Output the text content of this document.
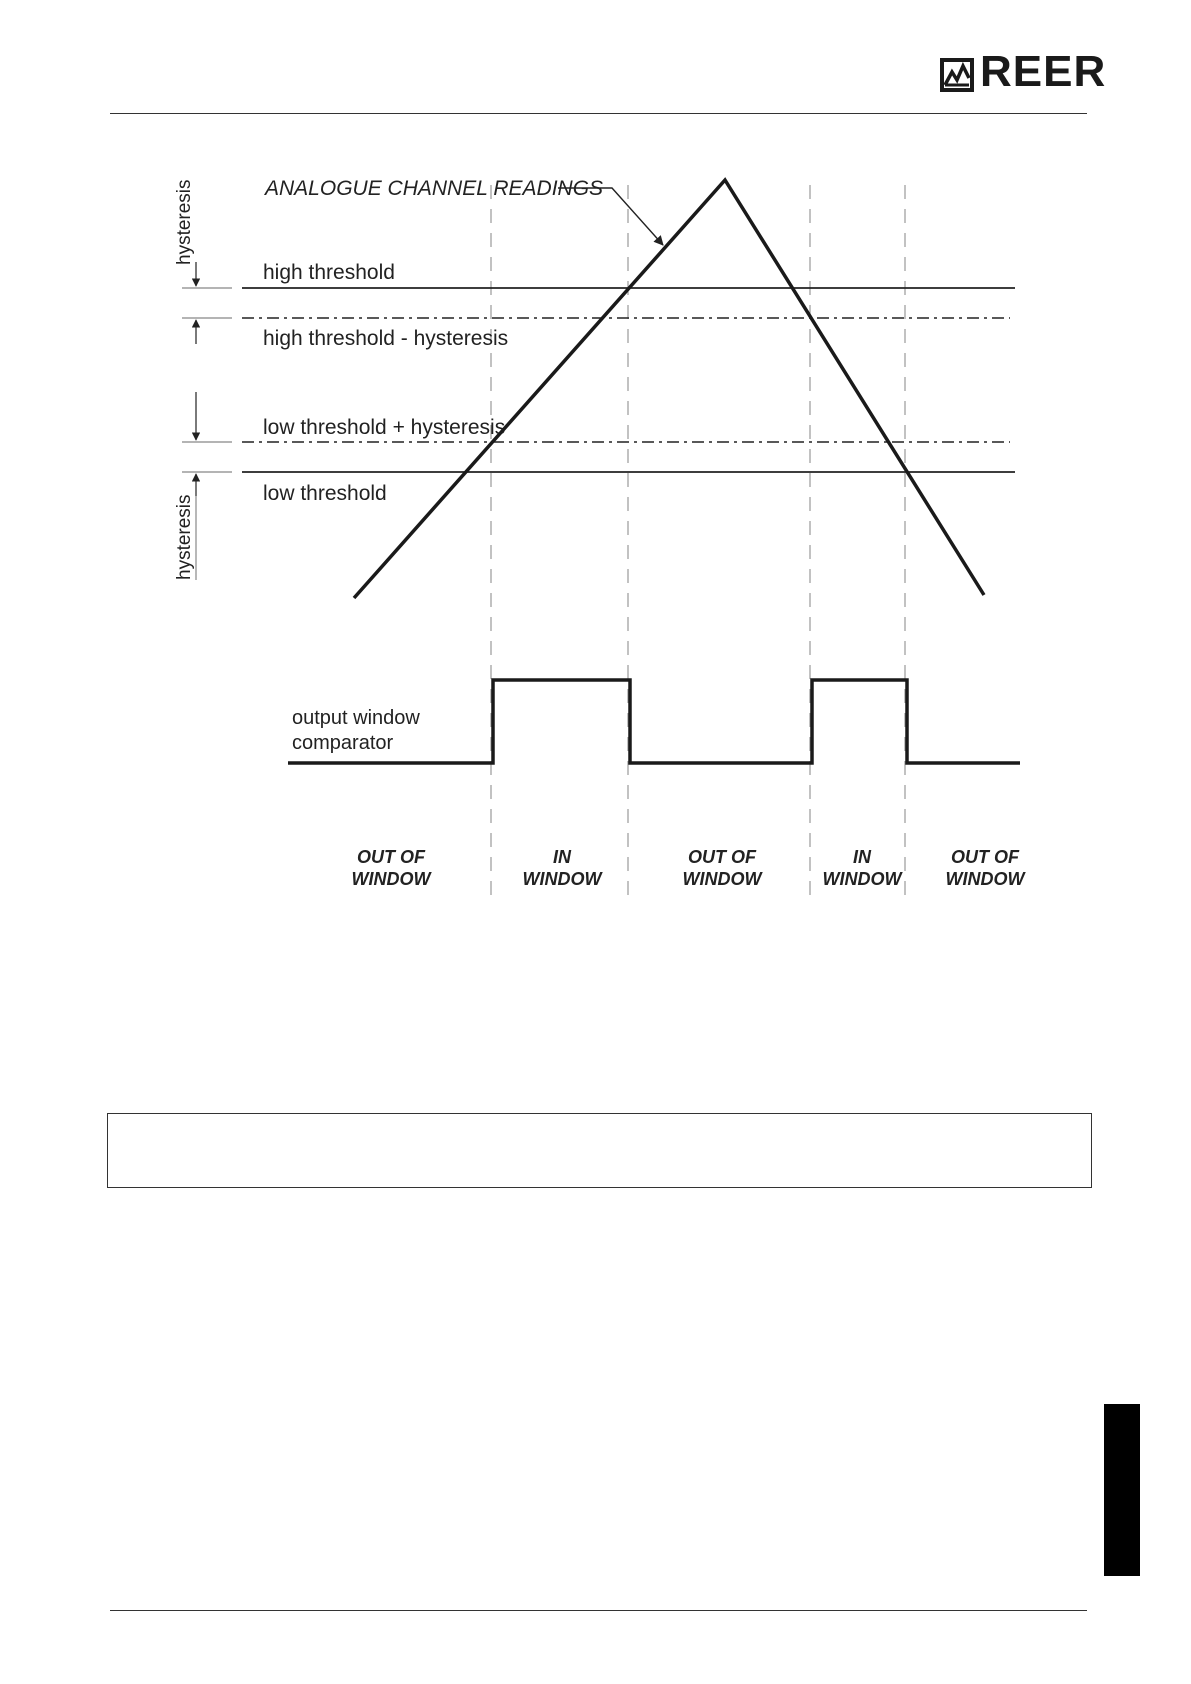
REER
hysteresis
hysteresis
high threshold
high threshold - hysteresis
low threshold + hysteresis
low threshold
ANALOGUE CHANNEL READINGS
output window
comparator
OUT OF
WINDOW
IN
WINDOW
OUT OF
WINDOW
IN
WINDOW
OUT OF
WINDOW
